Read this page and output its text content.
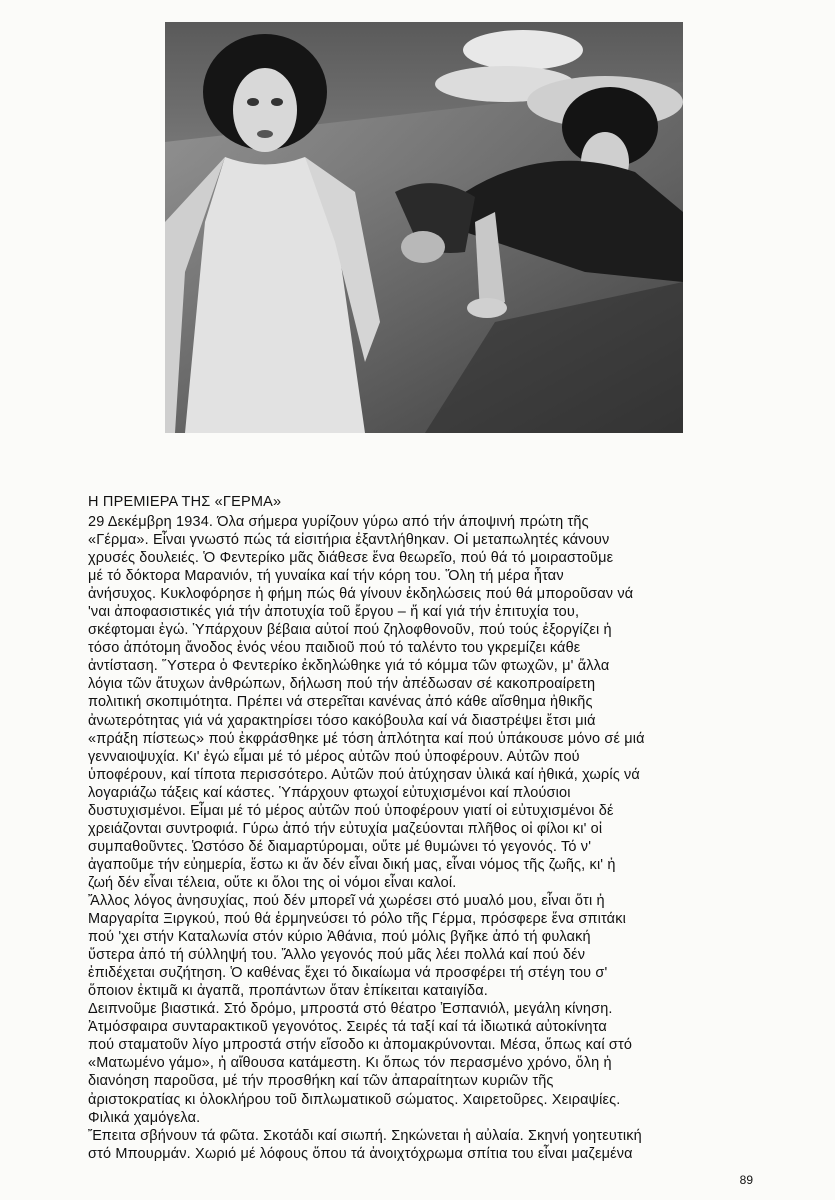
Η ΠΡΕΜΙΕΡΑ ΤΗΣ «ΓΕΡΜΑ»
29 Δεκέμβρη 1934. Όλα σήμερα γυρίζουν γύρω από τήν άποψινή πρώτη τῆς
«Γέρμα». Εἶναι γνωστό πώς τά εἰσιτήρια ἐξαντλήθηκαν. Οἱ μεταπωλητές κάνουν
χρυσές δουλειές. Ὁ Φεντερίκο μᾶς διάθεσε ἕνα θεωρεῖο, πού θά τό μοιραστοῦμε
μέ τό δόκτορα Μαρανιόν, τή γυναίκα καί τήν κόρη του. Ὅλη τή μέρα ἦταν
ἀνήσυχος. Κυκλοφόρησε ἡ φήμη πώς θά γίνουν ἐκδηλώσεις πού θά μποροῦσαν νά
'ναι ἀποφασιστικές γιά τήν ἀποτυχία τοῦ ἔργου – ἤ καί γιά τήν ἐπιτυχία του,
σκέφτομαι ἐγώ. Ὑπάρχουν βέβαια αὐτοί πού ζηλοφθονοῦν, πού τούς ἐξοργίζει ἡ
τόσο ἀπότομη ἄνοδος ἑνός νέου παιδιοῦ πού τό ταλέντο του γκρεμίζει κάθε
ἀντίσταση. Ὕστερα ὁ Φεντερίκο ἐκδηλώθηκε γιά τό κόμμα τῶν φτωχῶν, μ' ἄλλα
λόγια τῶν ἄτυχων ἀνθρώπων, δήλωση πού τήν ἀπέδωσαν σέ κακοπροαίρετη
πολιτική σκοπιμότητα. Πρέπει νά στερεῖται κανένας ἀπό κάθε αἴσθημα ἠθικῆς
ἀνωτερότητας γιά νά χαρακτηρίσει τόσο κακόβουλα καί νά διαστρέψει ἔτσι μιά
«πράξη πίστεως» πού ἐκφράσθηκε μέ τόση ἁπλότητα καί πού ὑπάκουσε μόνο σέ μιά
γενναιοψυχία. Κι' ἐγώ εἶμαι μέ τό μέρος αὐτῶν πού ὑποφέρουν. Αὐτῶν πού
ὑποφέρουν, καί τίποτα περισσότερο. Αὐτῶν πού ἀτύχησαν ὑλικά καί ἠθικά, χωρίς νά
λογαριάζω τάξεις καί κάστες. Ὑπάρχουν φτωχοί εὐτυχισμένοι καί πλούσιοι
δυστυχισμένοι. Εἶμαι μέ τό μέρος αὐτῶν πού ὑποφέρουν γιατί οἱ εὐτυχισμένοι δέ
χρειάζονται συντροφιά. Γύρω ἀπό τήν εὐτυχία μαζεύονται πλῆθος οἱ φίλοι κι' οἱ
συμπαθοῦντες. Ὡστόσο δέ διαμαρτύρομαι, οὔτε μέ θυμώνει τό γεγονός. Τό ν'
ἀγαποῦμε τήν εὐημερία, ἔστω κι ἄν δέν εἶναι δική μας, εἶναι νόμος τῆς ζωῆς, κι' ἡ
ζωή δέν εἶναι τέλεια, οὔτε κι ὅλοι της οἱ νόμοι εἶναι καλοί.
Ἄλλος λόγος ἀνησυχίας, πού δέν μπορεῖ νά χωρέσει στό μυαλό μου, εἶναι ὅτι ἡ
Μαργαρίτα Ξιργκού, πού θά ἑρμηνεύσει τό ρόλο τῆς Γέρμα, πρόσφερε ἕνα σπιτάκι
πού 'χει στήν Καταλωνία στόν κύριο Ἀθάνια, πού μόλις βγῆκε ἀπό τή φυλακή
ὕστερα ἀπό τή σύλληψή του. Ἄλλο γεγονός πού μᾶς λέει πολλά καί πού δέν
ἐπιδέχεται συζήτηση. Ὁ καθένας ἔχει τό δικαίωμα νά προσφέρει τή στέγη του σ'
ὅποιον ἐκτιμᾶ κι ἀγαπᾶ, προπάντων ὅταν ἐπίκειται καταιγίδα.
Δειπνοῦμε βιαστικά. Στό δρόμο, μπροστά στό θέατρο Ἐσπανιόλ, μεγάλη κίνηση.
Ἀτμόσφαιρα συνταρακτικοῦ γεγονότος. Σειρές τά ταξί καί τά ἰδιωτικά αὐτοκίνητα
πού σταματοῦν λίγο μπροστά στήν εἴσοδο κι ἀπομακρύνονται. Μέσα, ὅπως καί στό
«Ματωμένο γάμο», ἡ αἴθουσα κατάμεστη. Κι ὅπως τόν περασμένο χρόνο, ὅλη ἡ
διανόηση παροῦσα, μέ τήν προσθήκη καί τῶν ἀπαραίτητων κυριῶν τῆς
ἀριστοκρατίας κι ὁλοκλήρου τοῦ διπλωματικοῦ σώματος. Χαιρετοῦρες. Χειραψίες.
Φιλικά χαμόγελα.
Ἔπειτα σβήνουν τά φῶτα. Σκοτάδι καί σιωπή. Σηκώνεται ἡ αὐλαία. Σκηνή γοητευτική
στό Μπουρμάν. Χωριό μέ λόφους ὅπου τά ἀνοιχτόχρωμα σπίτια του εἶναι μαζεμένα
89
